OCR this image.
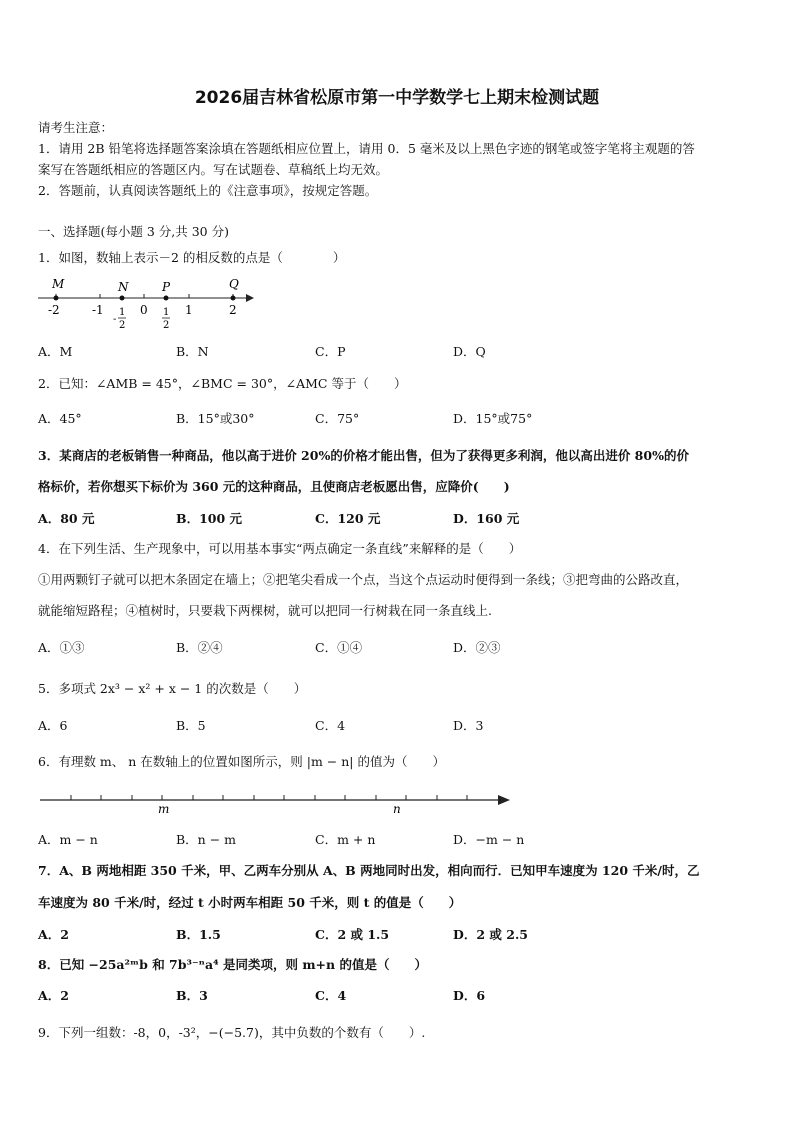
2026届吉林省松原市第一中学数学七上期末检测试题
请考生注意：
1．请用 2B 铅笔将选择题答案涂填在答题纸相应位置上，请用 0．5 毫米及以上黑色字迹的钢笔或签字笔将主观题的答
案写在答题纸相应的答题区内。写在试题卷、草稿纸上均无效。
2．答题前，认真阅读答题纸上的《注意事项》，按规定答题。
一、选择题(每小题 3 分,共 30 分)
1．如图，数轴上表示－2 的相反数的点是（　　　　）
M	N	P	Q
-2	-1	0	1	2
-
1
2
1
2
A．M	B．N	C．P	D．Q
2．已知：∠AMB = 45°，∠BMC = 30°，∠AMC 等于（　　）
A．45°	B．15°或30°	C．75°	D．15°或75°
3．某商店的老板销售一种商品，他以高于进价 20%的价格才能出售，但为了获得更多利润，他以高出进价 80%的价
格标价，若你想买下标价为 360 元的这种商品，且使商店老板愿出售，应降价(　　)
A．80 元	B．100 元	C．120 元	D．160 元
4．在下列生活、生产现象中，可以用基本事实“两点确定一条直线”来解释的是（　　）
①用两颗钉子就可以把木条固定在墙上；②把笔尖看成一个点，当这个点运动时便得到一条线；③把弯曲的公路改直，
就能缩短路程；④植树时，只要栽下两棵树，就可以把同一行树栽在同一条直线上.
A．①③	B．②④	C．①④	D．②③
5．多项式 2x³ − x² + x − 1 的次数是（　　）
A．6	B．5	C．4	D．3
6．有理数 m、 n 在数轴上的位置如图所示，则 |m − n| 的值为（　　）
m	n
A．m − n	B．n − m	C．m + n	D．−m − n
7．A、B 两地相距 350 千米，甲、乙两车分别从 A、B 两地同时出发，相向而行．已知甲车速度为 120 千米/时，乙
车速度为 80 千米/时，经过 t 小时两车相距 50 千米，则 t 的值是（　　）
A．2	B．1.5	C．2 或 1.5	D．2 或 2.5
8．已知 −25a²ᵐb 和 7b³⁻ⁿa⁴ 是同类项，则 m+n 的值是（　　）
A．2	B．3	C．4	D．6
9．下列一组数：-8，0，-3²，−(−5.7)，其中负数的个数有（　　）.
